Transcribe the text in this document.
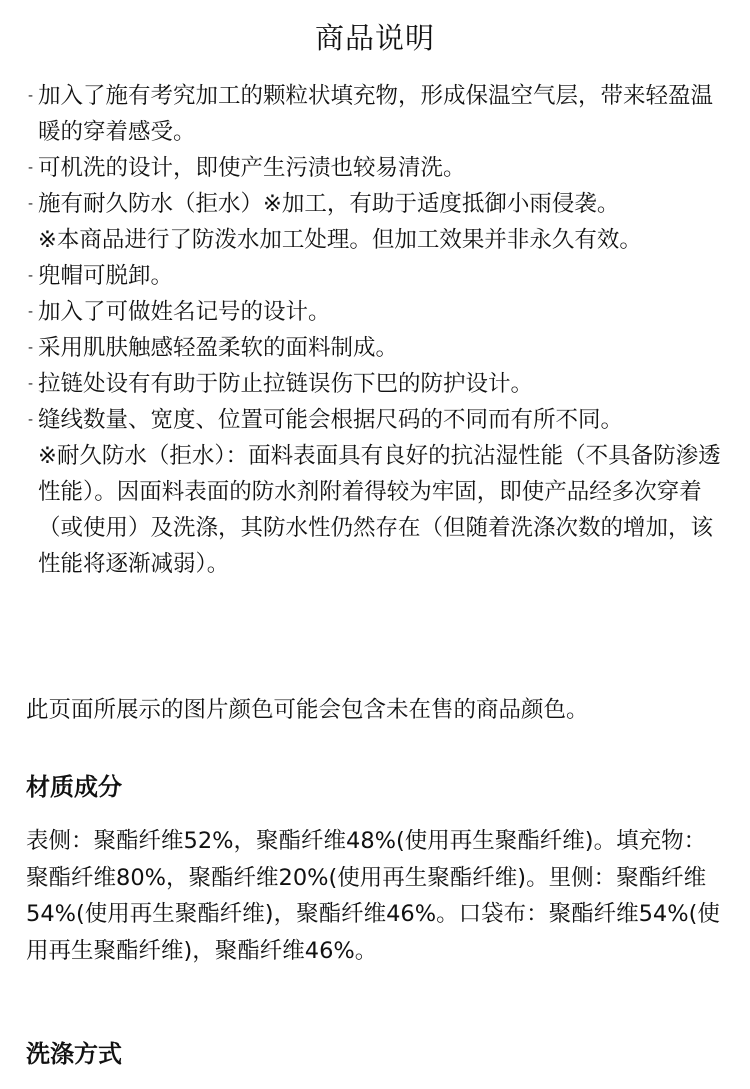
商品说明
- 加入了施有考究加工的颗粒状填充物，形成保温空气层，带来轻盈温暖的穿着感受。
- 可机洗的设计，即使产生污渍也较易清洗。
- 施有耐久防水（拒水）※加工，有助于适度抵御小雨侵袭。
※本商品进行了防泼水加工处理。但加工效果并非永久有效。
- 兜帽可脱卸。
- 加入了可做姓名记号的设计。
- 采用肌肤触感轻盈柔软的面料制成。
- 拉链处设有有助于防止拉链误伤下巴的防护设计。
- 缝线数量、宽度、位置可能会根据尺码的不同而有所不同。
※耐久防水（拒水）：面料表面具有良好的抗沾湿性能（不具备防渗透性能）。因面料表面的防水剂附着得较为牢固，即使产品经多次穿着（或使用）及洗涤，其防水性仍然存在（但随着洗涤次数的增加，该性能将逐渐减弱）。
此页面所展示的图片颜色可能会包含未在售的商品颜色。
材质成分
表侧：聚酯纤维52%，聚酯纤维48%(使用再生聚酯纤维)。填充物：聚酯纤维80%，聚酯纤维20%(使用再生聚酯纤维)。里侧：聚酯纤维54%(使用再生聚酯纤维)，聚酯纤维46%。口袋布：聚酯纤维54%(使用再生聚酯纤维)，聚酯纤维46%。
洗涤方式
